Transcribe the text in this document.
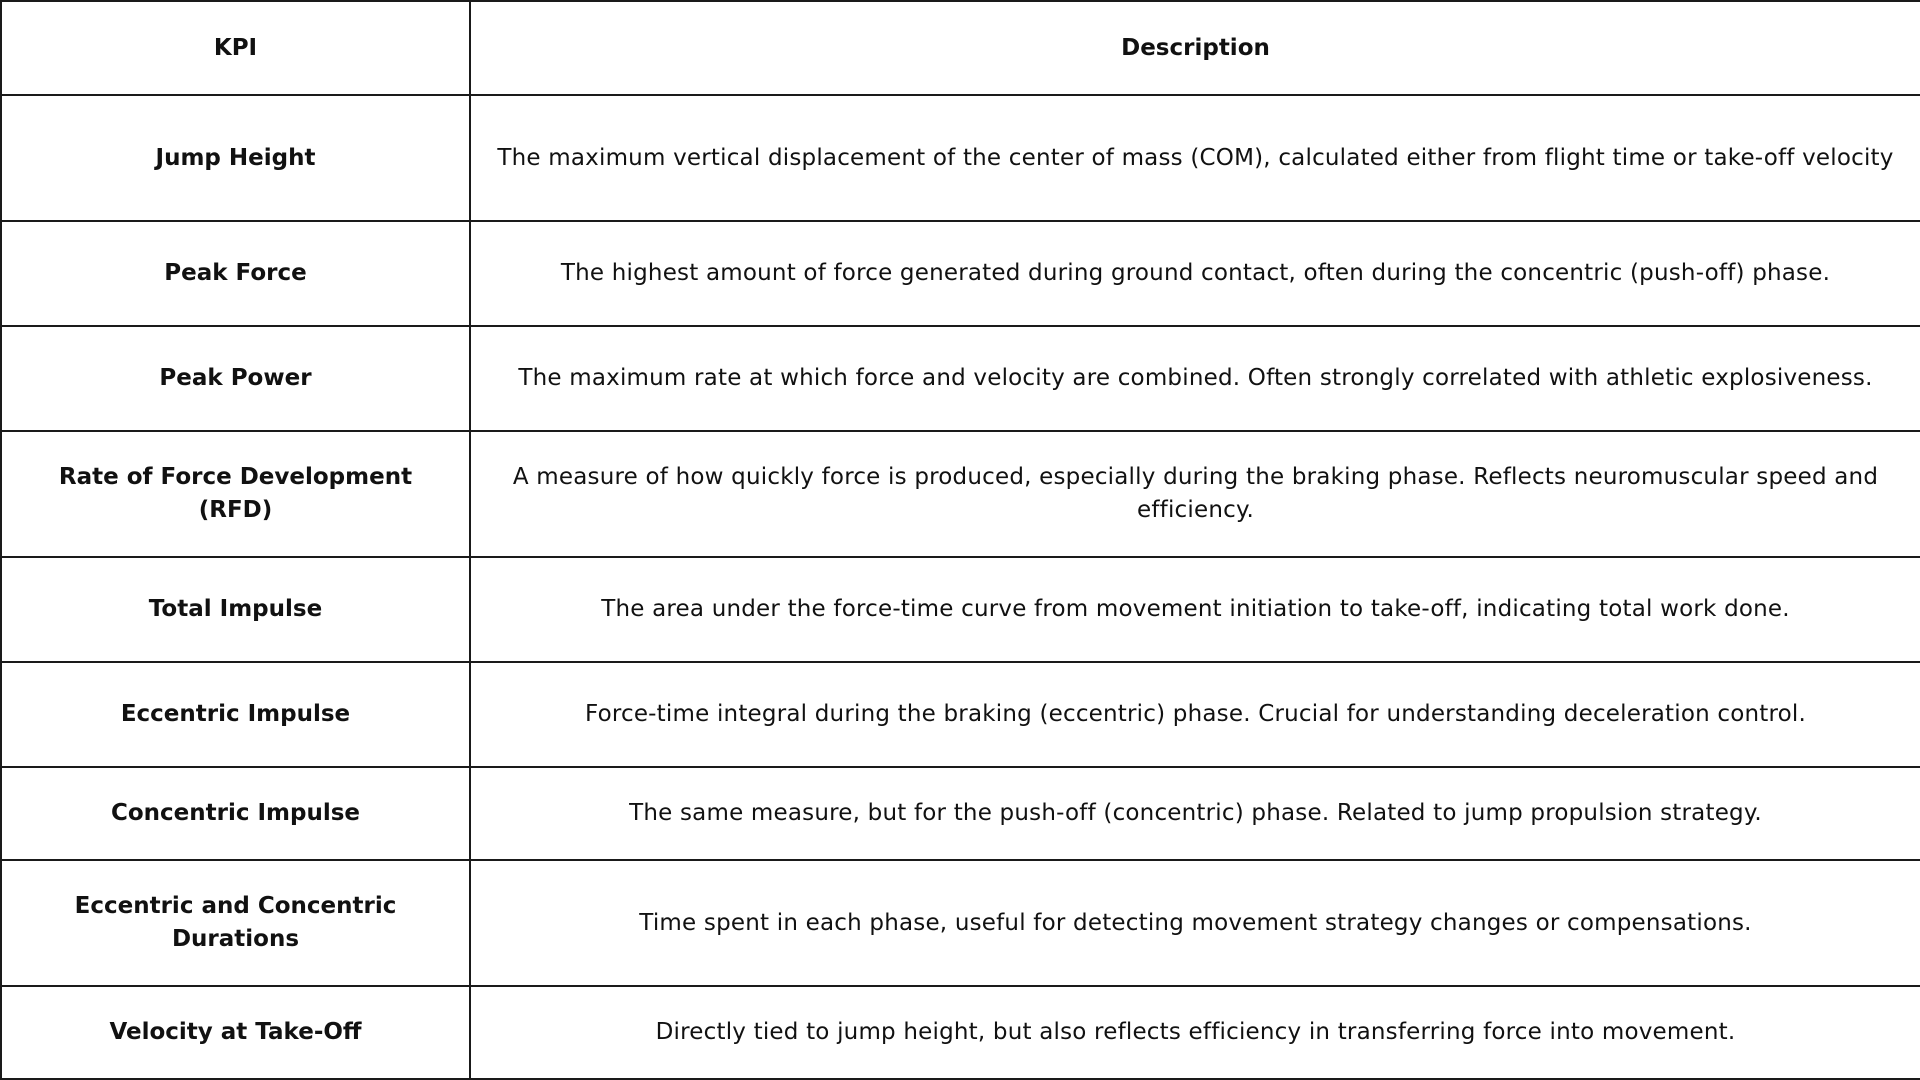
KPI	Description
Jump Height	The maximum vertical displacement of the center of mass (COM), calculated either from flight time or take-off velocity
Peak Force	The highest amount of force generated during ground contact, often during the concentric (push-off) phase.
Peak Power	The maximum rate at which force and velocity are combined. Often strongly correlated with athletic explosiveness.
Rate of Force Development (RFD)	A measure of how quickly force is produced, especially during the braking phase. Reflects neuromuscular speed and efficiency.
Total Impulse	The area under the force-time curve from movement initiation to take-off, indicating total work done.
Eccentric Impulse	Force-time integral during the braking (eccentric) phase. Crucial for understanding deceleration control.
Concentric Impulse	The same measure, but for the push-off (concentric) phase. Related to jump propulsion strategy.
Eccentric and Concentric Durations	Time spent in each phase, useful for detecting movement strategy changes or compensations.
Velocity at Take-Off	Directly tied to jump height, but also reflects efficiency in transferring force into movement.
